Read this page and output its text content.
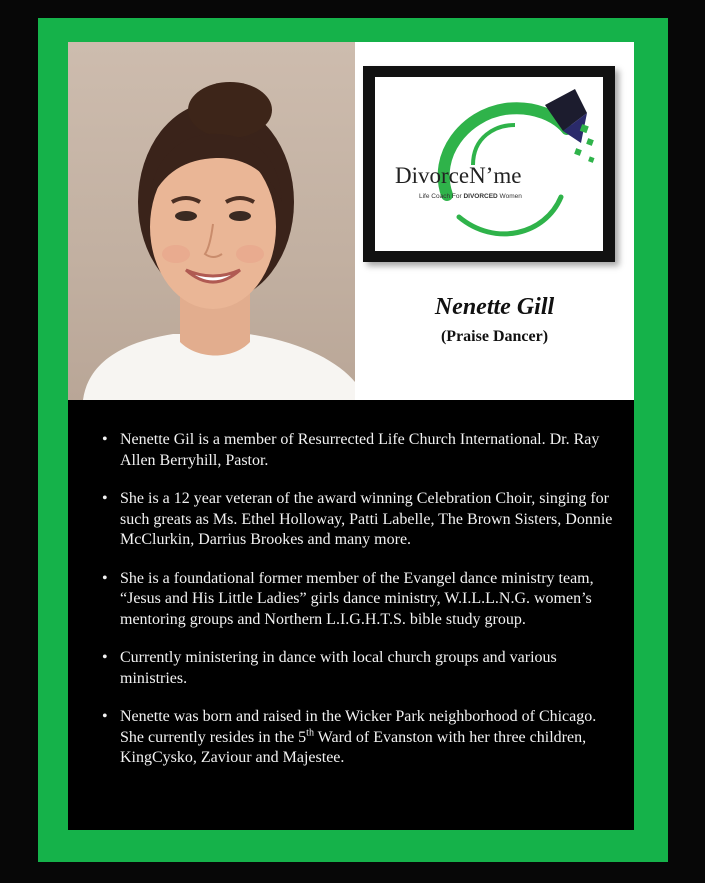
DivorceN’me
Life Coach For DIVORCED Women
Nenette Gill
(Praise Dancer)
• Nenette Gil is a member of Resurrected Life Church International. Dr. Ray Allen Berryhill, Pastor.
• She is a 12 year veteran of the award winning Celebration Choir, singing for such greats as Ms. Ethel Holloway, Patti Labelle, The Brown Sisters, Donnie McClurkin, Darrius Brookes and many more.
• She is a foundational former member of the Evangel dance ministry team, “Jesus and His Little Ladies” girls dance ministry, W.I.L.L.N.G. women’s mentoring groups and Northern L.I.G.H.T.S. bible study group.
• Currently ministering in dance with local church groups and various ministries.
• Nenette was born and raised in the Wicker Park neighborhood of Chicago. She currently resides in the 5th Ward of Evanston with her three children, KingCysko, Zaviour and Majestee.
